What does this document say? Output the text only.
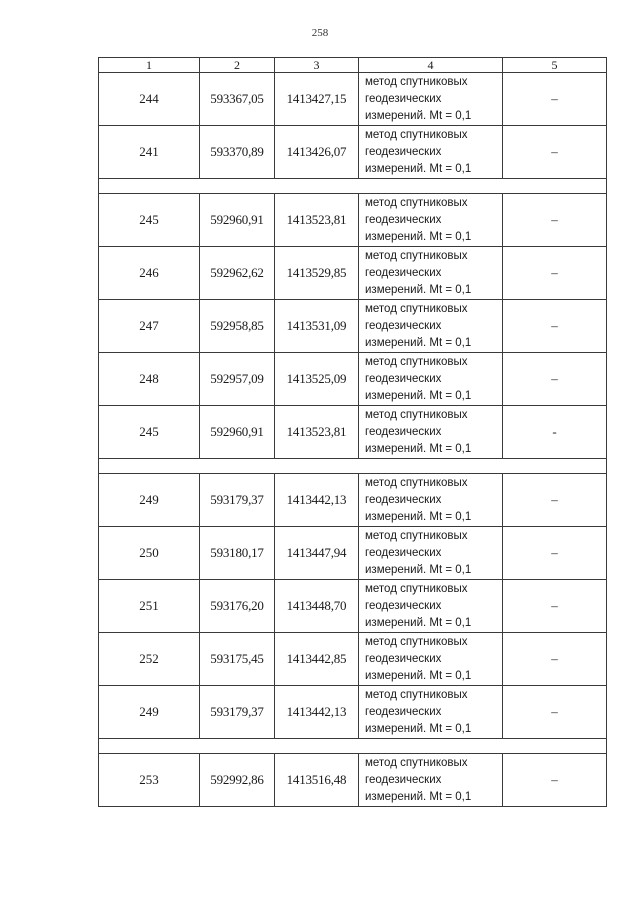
258
1	2	3	4	5
244	593367,05	1413427,15	метод спутниковых
геодезических
измерений. Mt = 0,1	–
241	593370,89	1413426,07	метод спутниковых
геодезических
измерений. Mt = 0,1	–

245	592960,91	1413523,81	метод спутниковых
геодезических
измерений. Mt = 0,1	–
246	592962,62	1413529,85	метод спутниковых
геодезических
измерений. Mt = 0,1	–
247	592958,85	1413531,09	метод спутниковых
геодезических
измерений. Mt = 0,1	–
248	592957,09	1413525,09	метод спутниковых
геодезических
измерений. Mt = 0,1	–
245	592960,91	1413523,81	метод спутниковых
геодезических
измерений. Mt = 0,1	-

249	593179,37	1413442,13	метод спутниковых
геодезических
измерений. Mt = 0,1	–
250	593180,17	1413447,94	метод спутниковых
геодезических
измерений. Mt = 0,1	–
251	593176,20	1413448,70	метод спутниковых
геодезических
измерений. Mt = 0,1	–
252	593175,45	1413442,85	метод спутниковых
геодезических
измерений. Mt = 0,1	–
249	593179,37	1413442,13	метод спутниковых
геодезических
измерений. Mt = 0,1	–

253	592992,86	1413516,48	метод спутниковых
геодезических
измерений. Mt = 0,1	–
